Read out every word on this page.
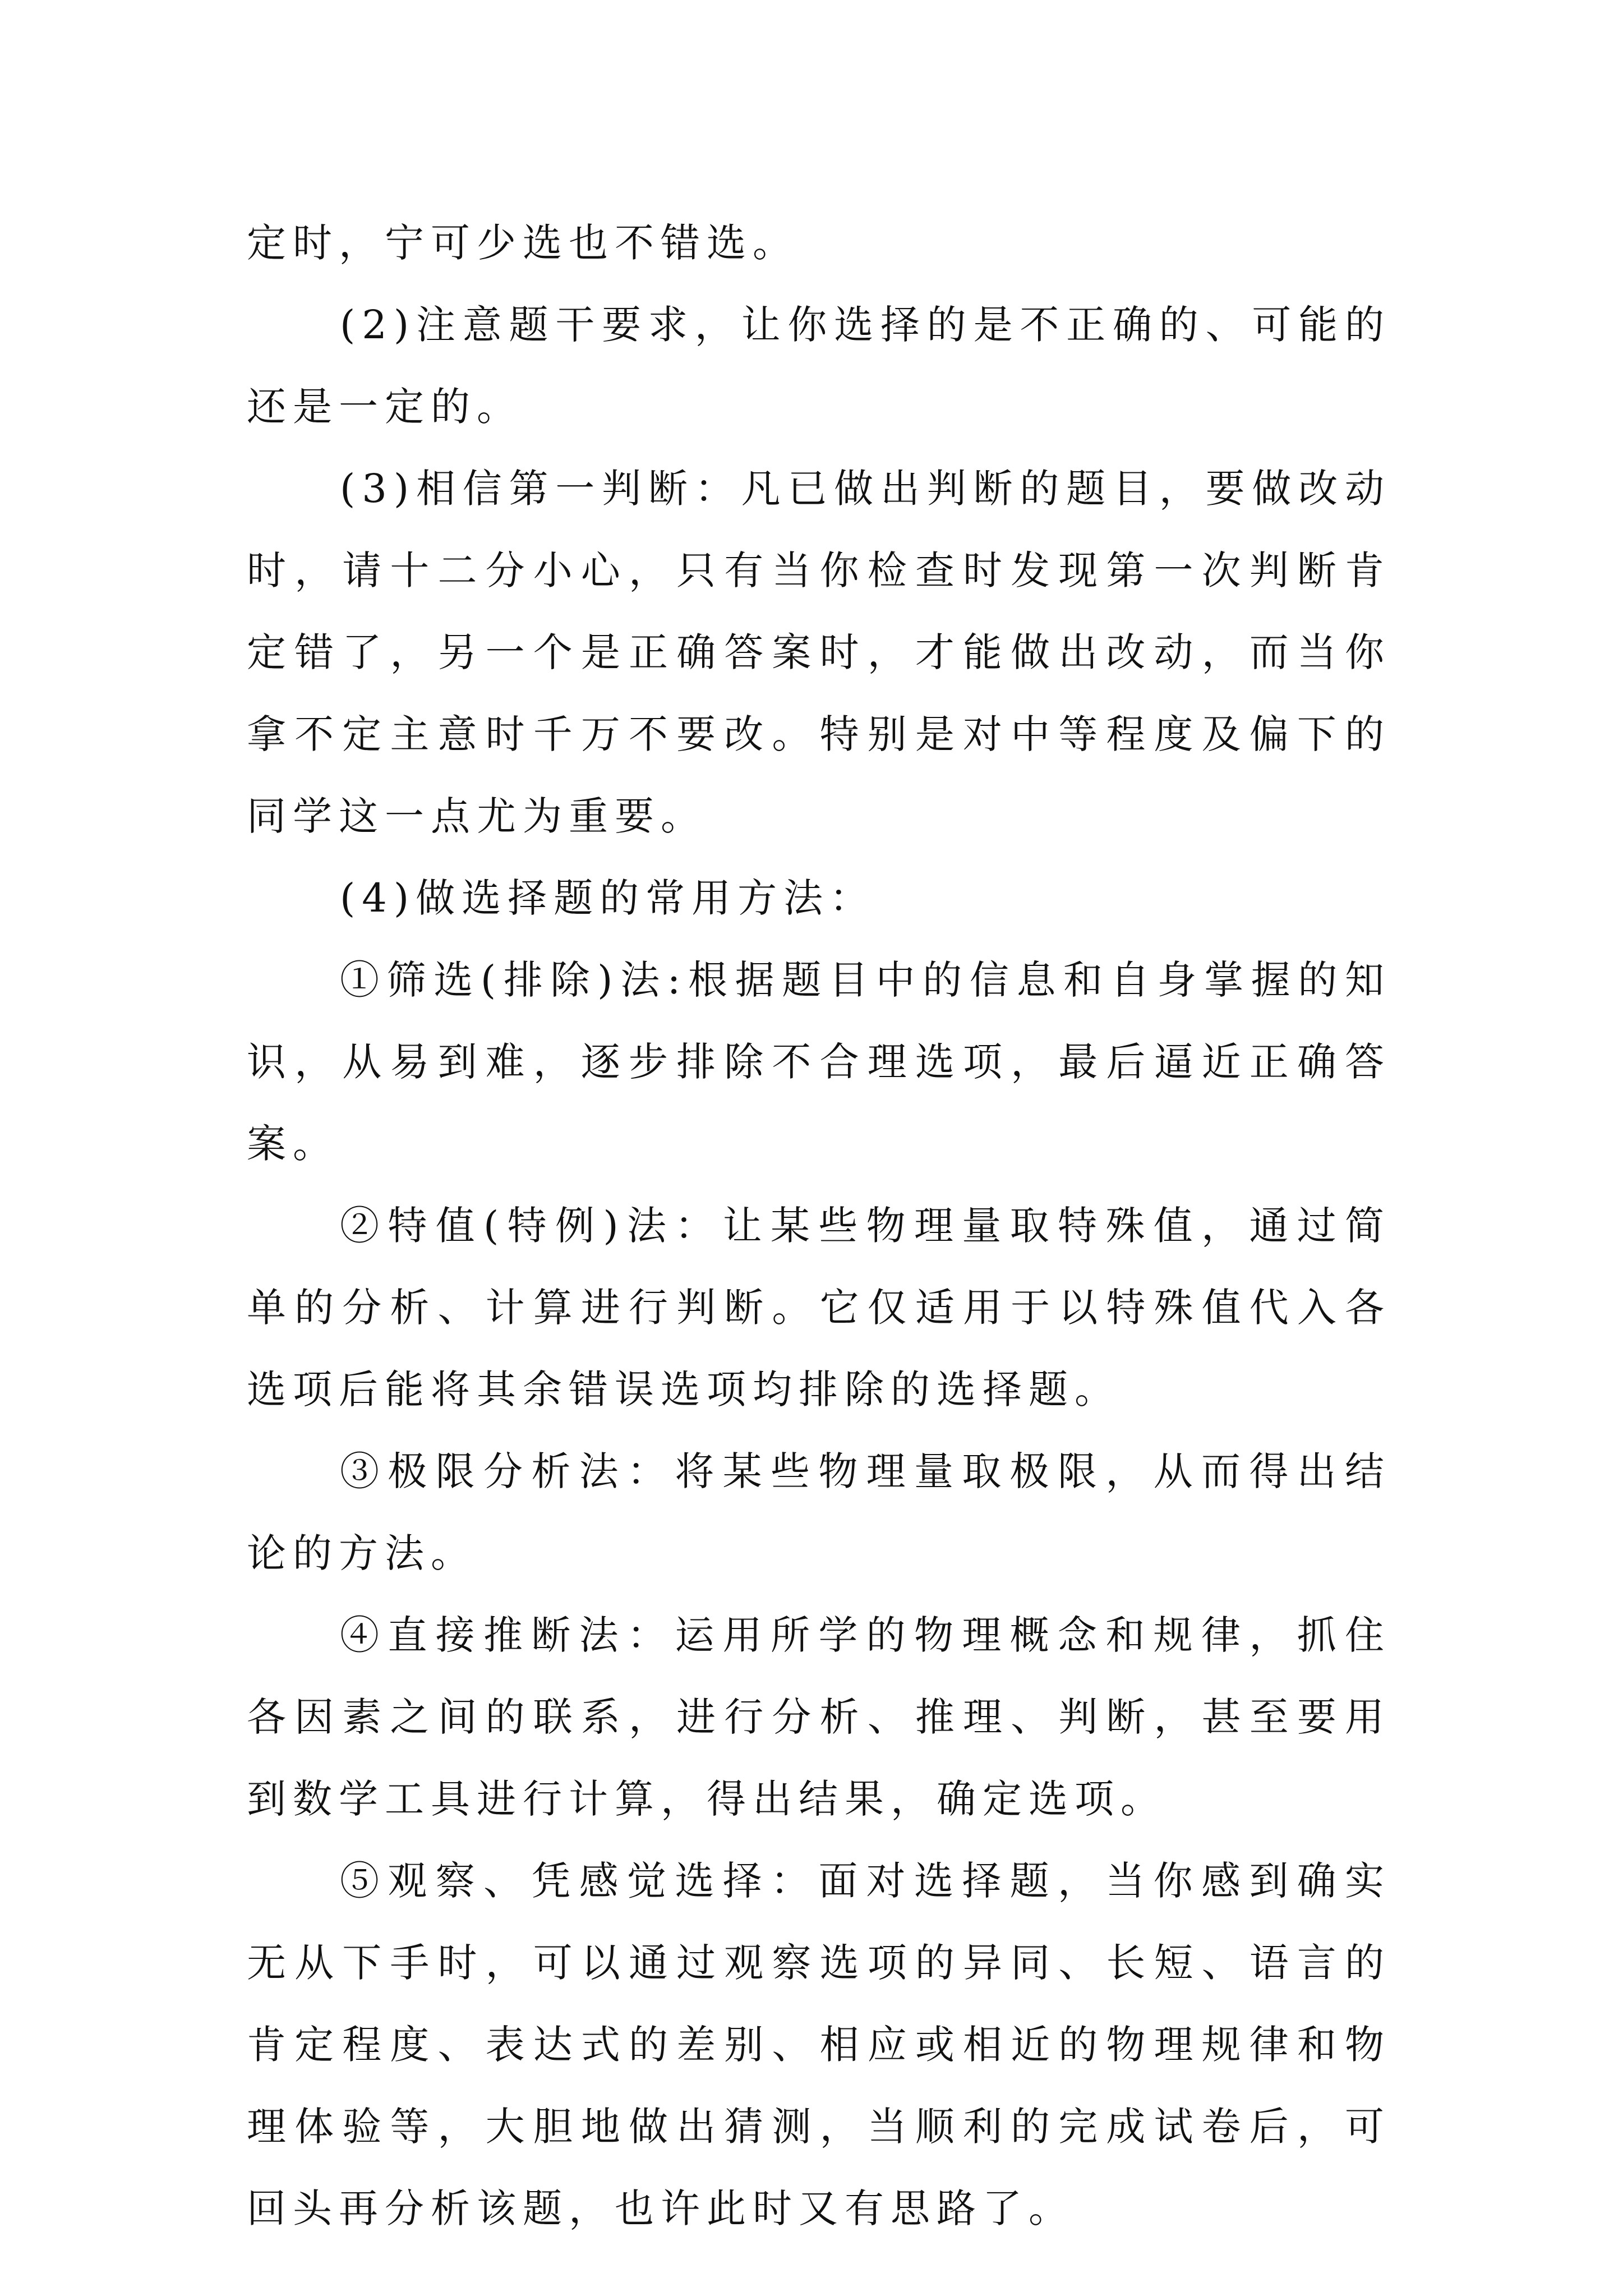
定时，宁可少选也不错选。

(2)注意题干要求，让你选择的是不正确的、可能的还是一定的。

(3)相信第一判断：凡已做出判断的题目，要做改动时，请十二分小心，只有当你检查时发现第一次判断肯定错了，另一个是正确答案时，才能做出改动，而当你拿不定主意时千万不要改。特别是对中等程度及偏下的同学这一点尤为重要。

(4)做选择题的常用方法：

①筛选(排除)法:根据题目中的信息和自身掌握的知识，从易到难，逐步排除不合理选项，最后逼近正确答案。

②特值(特例)法：让某些物理量取特殊值，通过简单的分析、计算进行判断。它仅适用于以特殊值代入各选项后能将其余错误选项均排除的选择题。

③极限分析法：将某些物理量取极限，从而得出结论的方法。

④直接推断法：运用所学的物理概念和规律，抓住各因素之间的联系，进行分析、推理、判断，甚至要用到数学工具进行计算，得出结果，确定选项。

⑤观察、凭感觉选择：面对选择题，当你感到确实无从下手时，可以通过观察选项的异同、长短、语言的肯定程度、表达式的差别、相应或相近的物理规律和物理体验等，大胆地做出猜测，当顺利的完成试卷后，可回头再分析该题，也许此时又有思路了。
